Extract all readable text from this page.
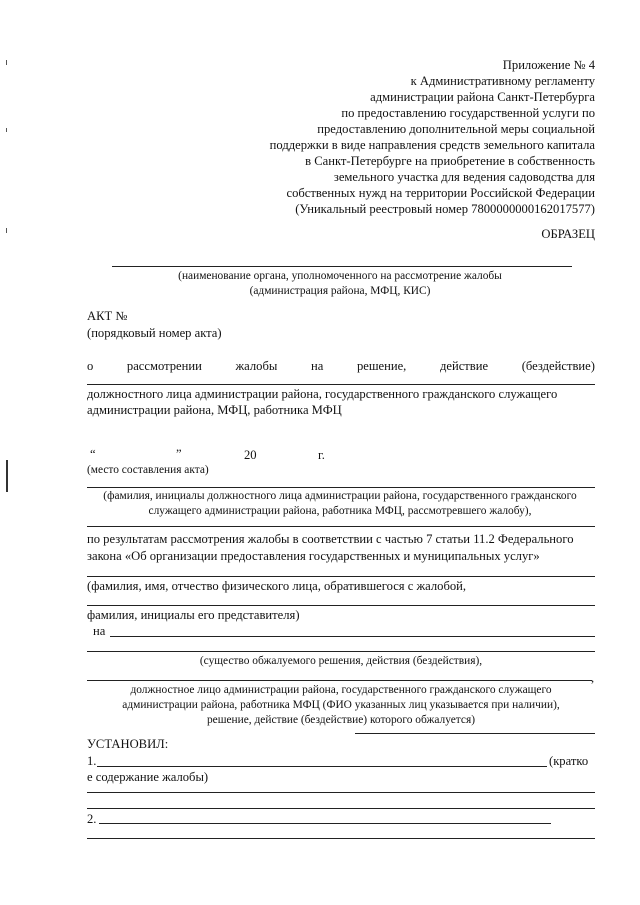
Приложение № 4
к Административному регламенту
администрации района Санкт-Петербурга
по предоставлению государственной услуги по
предоставлению дополнительной меры социальной
поддержки в виде направления средств земельного капитала
в Санкт-Петербурге на приобретение в собственность
земельного участка для ведения садоводства для
собственных нужд на территории Российской Федерации
(Уникальный реестровый номер 7800000000162017577)
ОБРАЗЕЦ
(наименование органа, уполномоченного на рассмотрение жалобы
(администрация района, МФЦ, КИС)
АКТ №
(порядковый номер акта)
о	рассмотрении	жалобы	на	решение,	действие	(бездействие)
должностного лица администрации района, государственного гражданского служащего
администрации района, МФЦ, работника МФЦ
“	”	20	г.
(место составления акта)
(фамилия, инициалы должностного лица администрации района, государственного гражданского
служащего администрации района, работника МФЦ, рассмотревшего жалобу),
по результатам рассмотрения жалобы в соответствии с частью 7 статьи 11.2 Федерального
закона «Об организации предоставления государственных и муниципальных услуг»
(фамилия, имя, отчество физического лица, обратившегося с жалобой,
фамилия, инициалы его представителя)
на
(существо обжалуемого решения, действия (бездействия),
,
должностное лицо администрации района, государственного гражданского служащего
администрации района, работника МФЦ (ФИО указанных лиц указывается при наличии),
решение, действие (бездействие) которого обжалуется)
УСТАНОВИЛ:
1.	(кратко
е содержание жалобы)
2.
